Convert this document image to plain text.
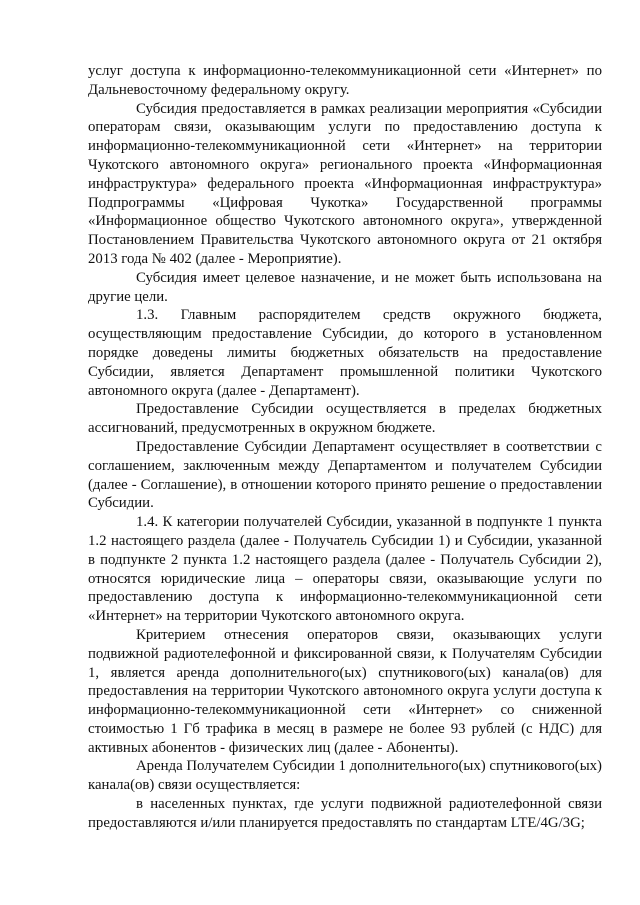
услуг доступа к информационно-телекоммуникационной сети «Интернет» по Дальневосточному федеральному округу.

Субсидия предоставляется в рамках реализации мероприятия «Субсидии операторам связи, оказывающим услуги по предоставлению доступа к информационно-телекоммуникационной сети «Интернет» на территории Чукотского автономного округа» регионального проекта «Информационная инфраструктура» федерального проекта «Информационная инфраструктура» Подпрограммы «Цифровая Чукотка» Государственной программы «Информационное общество Чукотского автономного округа», утвержденной Постановлением Правительства Чукотского автономного округа от 21 октября 2013 года № 402 (далее - Мероприятие).

Субсидия имеет целевое назначение, и не может быть использована на другие цели.

1.3. Главным распорядителем средств окружного бюджета, осуществляющим предоставление Субсидии, до которого в установленном порядке доведены лимиты бюджетных обязательств на предоставление Субсидии, является Департамент промышленной политики Чукотского автономного округа (далее - Департамент).

Предоставление Субсидии осуществляется в пределах бюджетных ассигнований, предусмотренных в окружном бюджете.

Предоставление Субсидии Департамент осуществляет в соответствии с соглашением, заключенным между Департаментом и получателем Субсидии (далее - Соглашение), в отношении которого принято решение о предоставлении Субсидии.

1.4. К категории получателей Субсидии, указанной в подпункте 1 пункта 1.2 настоящего раздела (далее - Получатель Субсидии 1) и Субсидии, указанной в подпункте 2 пункта 1.2 настоящего раздела (далее - Получатель Субсидии 2), относятся юридические лица – операторы связи, оказывающие услуги по предоставлению доступа к информационно-телекоммуникационной сети «Интернет» на территории Чукотского автономного округа.

Критерием отнесения операторов связи, оказывающих услуги подвижной радиотелефонной и фиксированной связи, к Получателям Субсидии 1, является аренда дополнительного(ых) спутникового(ых) канала(ов) для предоставления на территории Чукотского автономного округа услуги доступа к информационно-телекоммуникационной сети «Интернет» со сниженной стоимостью 1 Гб трафика в месяц в размере не более 93 рублей (с НДС) для активных абонентов - физических лиц (далее - Абоненты).

Аренда Получателем Субсидии 1 дополнительного(ых) спутникового(ых) канала(ов) связи осуществляется:

в населенных пунктах, где услуги подвижной радиотелефонной связи предоставляются и/или планируется предоставлять по стандартам LTE/4G/3G;
